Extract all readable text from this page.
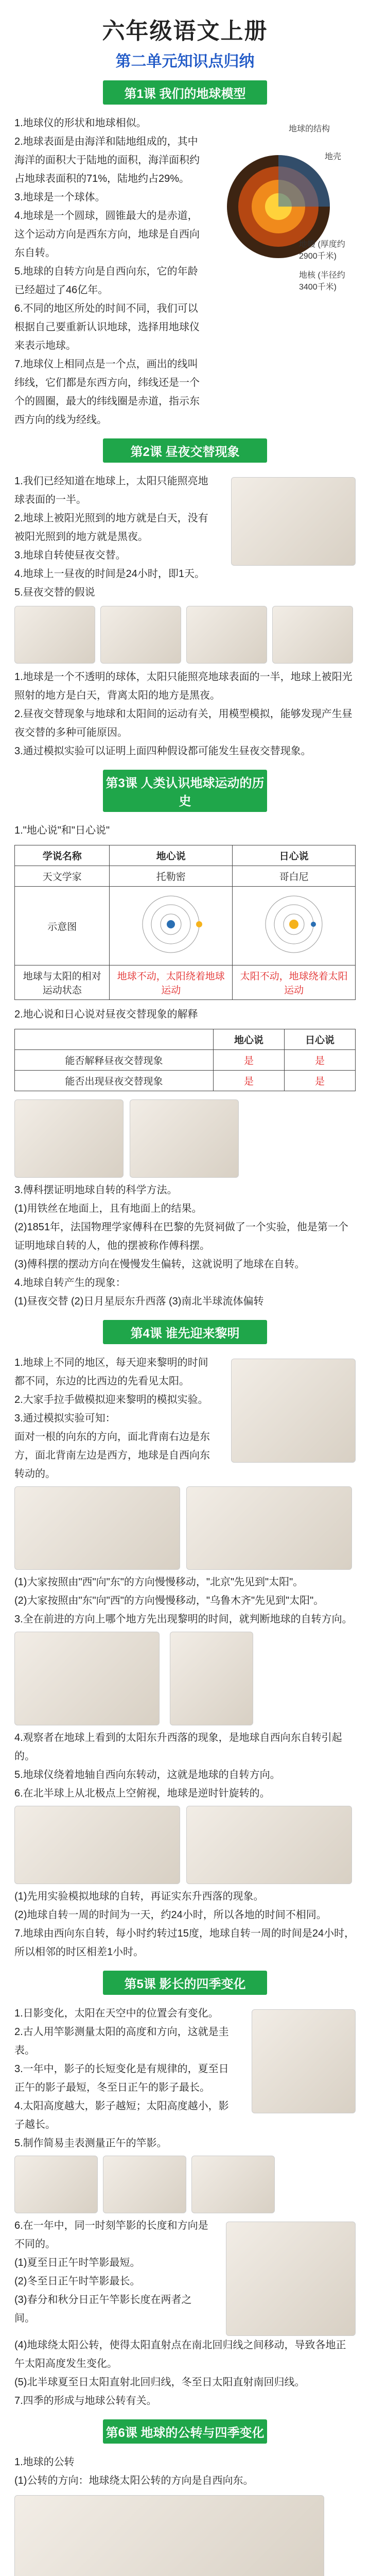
六年级语文上册
第二单元知识点归纳
第1课 我们的地球模型
1.地球仪的形状和地球相似。
2.地球表面是由海洋和陆地组成的，其中海洋的面积大于陆地的面积，海洋面积约占地球表面积的71%，陆地约占29%。
3.地球是一个球体。
4.地球是一个圆球，圆锥最大的是赤道，这个运动方向是西东方向，地球是自西向东自转。
5.地球的自转方向是自西向东，它的年龄已经超过了46亿年。
6.不同的地区所处的时间不同，我们可以根据自己要重新认识地球，选择用地球仪来表示地球。
7.地球仪上相同点是一个点，画出的线叫纬线，它们都是东西方向，纬线还是一个个的圆圈，最大的纬线圈是赤道，指示东西方向的线为经线。
地球的结构
地壳
地幔 (厚度约2900千米)
地核 (半径约3400千米)
第2课 昼夜交替现象
1.我们已经知道在地球上，太阳只能照亮地球表面的一半。
2.地球上被阳光照到的地方就是白天，没有被阳光照到的地方就是黑夜。
3.地球自转使昼夜交替。
4.地球上一昼夜的时间是24小时，即1天。
5.昼夜交替的假说
1.地球是一个不透明的球体，太阳只能照亮地球表面的一半，地球上被阳光照射的地方是白天，背离太阳的地方是黑夜。
2.昼夜交替现象与地球和太阳间的运动有关，用模型模拟，能够发现产生昼夜交替的多种可能原因。
3.通过模拟实验可以证明上面四种假设都可能发生昼夜交替现象。
第3课 人类认识地球运动的历史
1."地心说"和"日心说"
学说名称	地心说	日心说
天文学家	托勒密	哥白尼
示意图		
地球与太阳的相对运动状态	地球不动，太阳绕着地球运动	太阳不动，地球绕着太阳运动
2.地心说和日心说对昼夜交替现象的解释
	地心说	日心说
能否解释昼夜交替现象	是	是
能否出现昼夜交替现象	是	是
3.傅科摆证明地球自转的科学方法。
(1)用铁丝在地面上，且有地面上的结果。
(2)1851年，法国物理学家傅科在巴黎的先贤祠做了一个实验，他是第一个证明地球自转的人，他的摆被称作傅科摆。
(3)傅科摆的摆动方向在慢慢发生偏转，这就说明了地球在自转。
4.地球自转产生的现象：
(1)昼夜交替 (2)日月星辰东升西落 (3)南北半球流体偏转
第4课 谁先迎来黎明
1.地球上不同的地区，每天迎来黎明的时间都不同，东边的比西边的先看见太阳。
2.大家手拉手做模拟迎来黎明的模拟实验。
3.通过模拟实验可知：
面对一根的向东的方向，面北背南右边是东方，面北背南左边是西方，地球是自西向东转动的。
(1)大家按照由"西"向"东"的方向慢慢移动，"北京"先见到"太阳"。
(2)大家按照由"东"向"西"的方向慢慢移动，"乌鲁木齐"先见到"太阳"。
3.全在前进的方向上哪个地方先出现黎明的时间，就判断地球的自转方向。
4.观察者在地球上看到的太阳东升西落的现象，是地球自西向东自转引起的。
5.地球仪绕着地轴自西向东转动，这就是地球的自转方向。
6.在北半球上从北极点上空俯视，地球是逆时针旋转的。
(1)先用实验模拟地球的自转，再证实东升西落的现象。
(2)地球自转一周的时间为一天，约24小时，所以各地的时间不相同。
7.地球由西向东自转，每小时约转过15度，地球自转一周的时间是24小时，所以相邻的时区相差1小时。
第5课 影长的四季变化
1.日影变化，太阳在天空中的位置会有变化。
2.古人用竿影测量太阳的高度和方向，这就是圭表。
3.一年中，影子的长短变化是有规律的，夏至日正午的影子最短，冬至日正午的影子最长。
4.太阳高度越大，影子越短；太阳高度越小，影子越长。
5.制作简易圭表测量正午的竿影。
6.在一年中，同一时刻竿影的长度和方向是不同的。
(1)夏至日正午时竿影最短。
(2)冬至日正午时竿影最长。
(3)春分和秋分日正午竿影长度在两者之间。
(4)地球绕太阳公转，使得太阳直射点在南北回归线之间移动，导致各地正午太阳高度发生变化。
(5)北半球夏至日太阳直射北回归线，冬至日太阳直射南回归线。
7.四季的形成与地球公转有关。
第6课 地球的公转与四季变化
1.地球的公转
(1)公转的方向：地球绕太阳公转的方向是自西向东。
